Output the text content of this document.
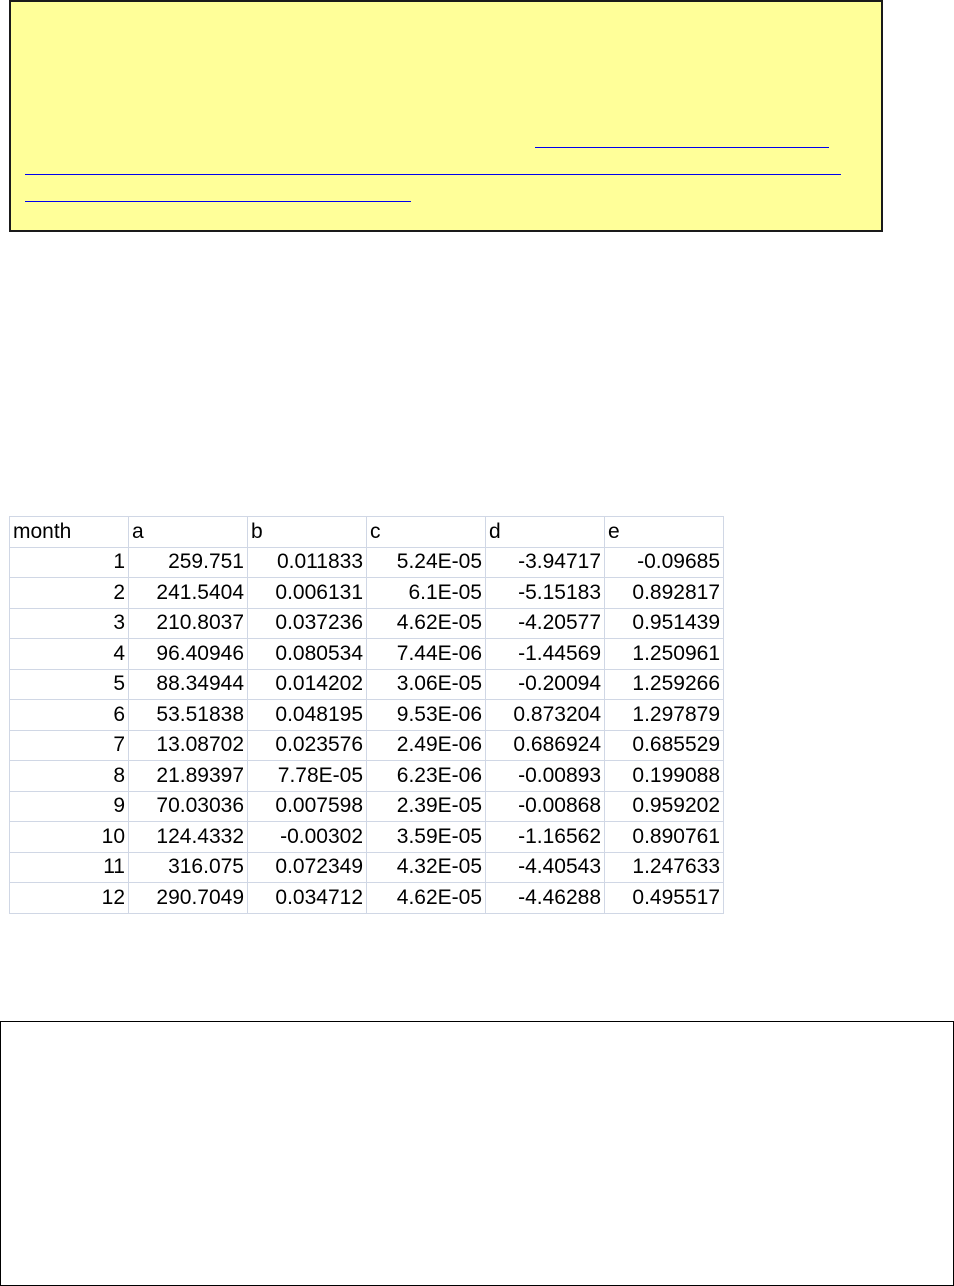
month	a	b	c	d	e
1	259.751	0.011833	5.24E-05	-3.94717	-0.09685
2	241.5404	0.006131	6.1E-05	-5.15183	0.892817
3	210.8037	0.037236	4.62E-05	-4.20577	0.951439
4	96.40946	0.080534	7.44E-06	-1.44569	1.250961
5	88.34944	0.014202	3.06E-05	-0.20094	1.259266
6	53.51838	0.048195	9.53E-06	0.873204	1.297879
7	13.08702	0.023576	2.49E-06	0.686924	0.685529
8	21.89397	7.78E-05	6.23E-06	-0.00893	0.199088
9	70.03036	0.007598	2.39E-05	-0.00868	0.959202
10	124.4332	-0.00302	3.59E-05	-1.16562	0.890761
11	316.075	0.072349	4.32E-05	-4.40543	1.247633
12	290.7049	0.034712	4.62E-05	-4.46288	0.495517
